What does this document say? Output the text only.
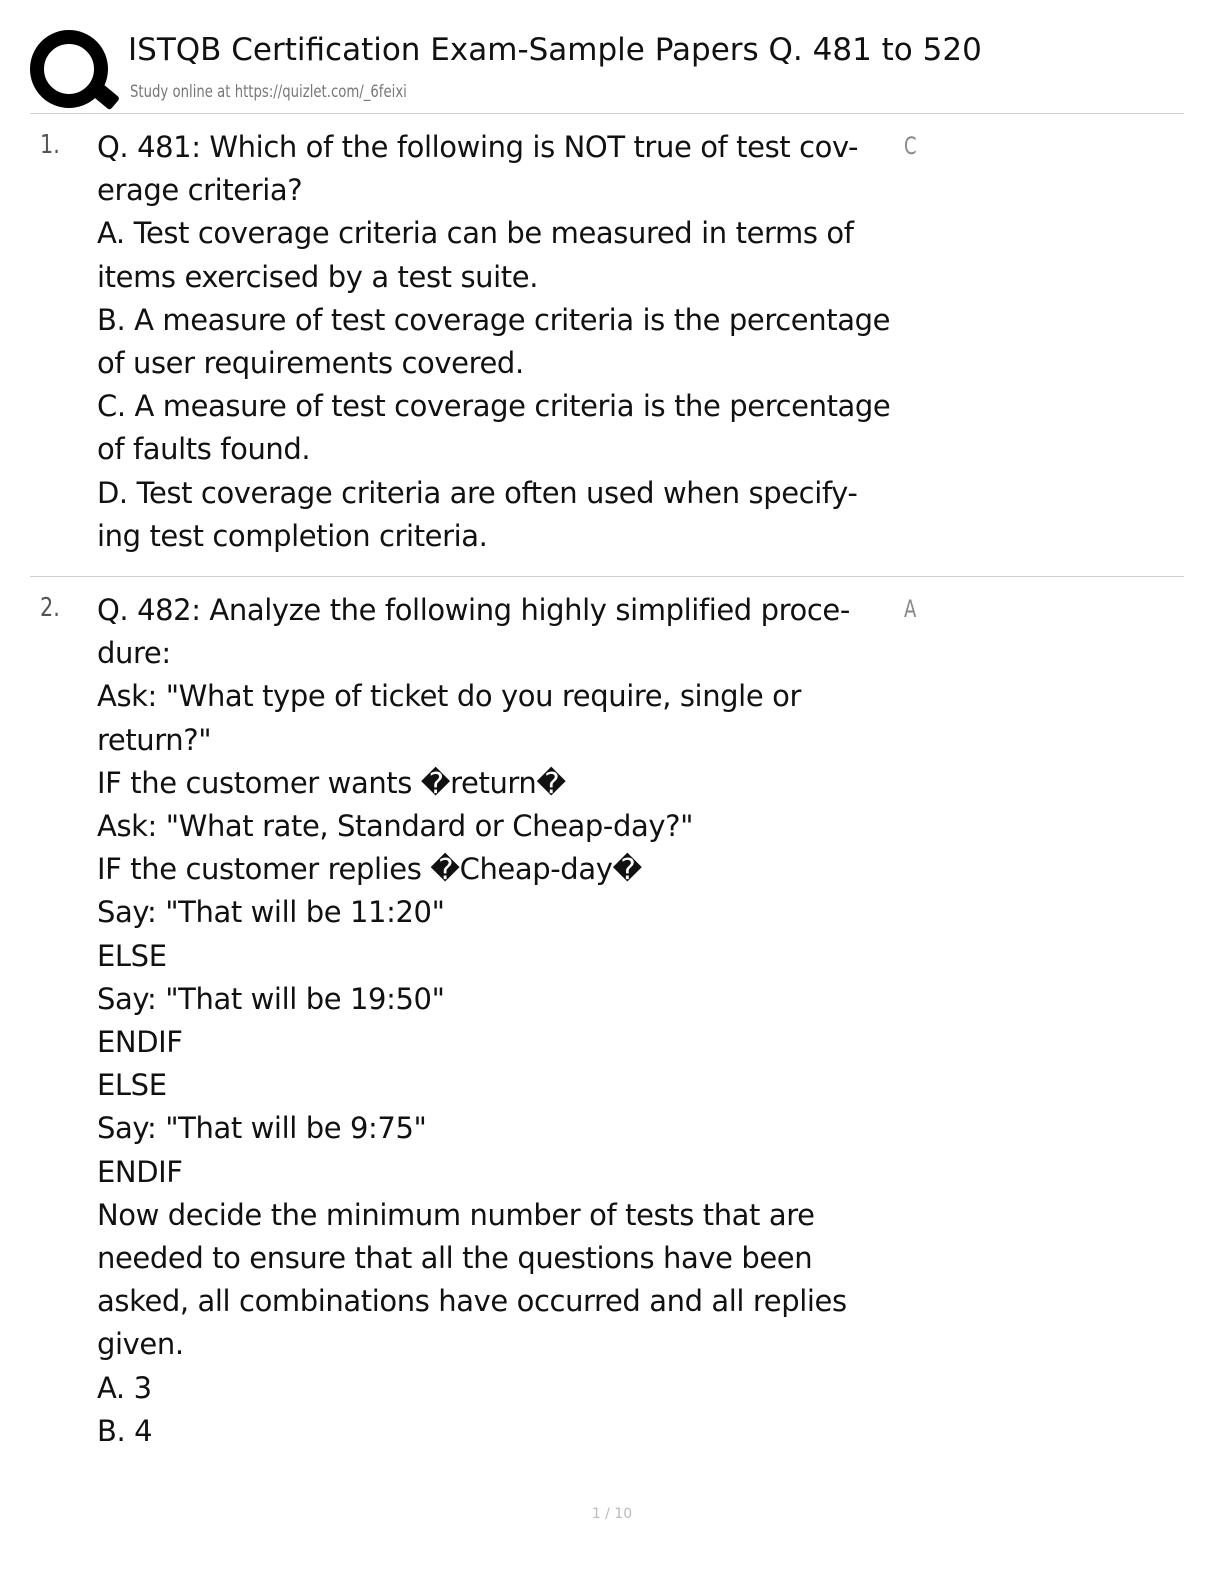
ISTQB Certification Exam-Sample Papers Q. 481 to 520
Study online at https://quizlet.com/_6feixi
1. Q. 481: Which of the following is NOT true of test cov-
erage criteria?
A. Test coverage criteria can be measured in terms of
items exercised by a test suite.
B. A measure of test coverage criteria is the percentage
of user requirements covered.
C. A measure of test coverage criteria is the percentage
of faults found.
D. Test coverage criteria are often used when specify-
ing test completion criteria.
C
2. Q. 482: Analyze the following highly simplified proce-
dure:
Ask: "What type of ticket do you require, single or
return?"
IF the customer wants �return�
Ask: "What rate, Standard or Cheap-day?"
IF the customer replies �Cheap-day�
Say: "That will be 11:20"
ELSE
Say: "That will be 19:50"
ENDIF
ELSE
Say: "That will be 9:75"
ENDIF
Now decide the minimum number of tests that are
needed to ensure that all the questions have been
asked, all combinations have occurred and all replies
given.
A. 3
B. 4
A
1 / 10
